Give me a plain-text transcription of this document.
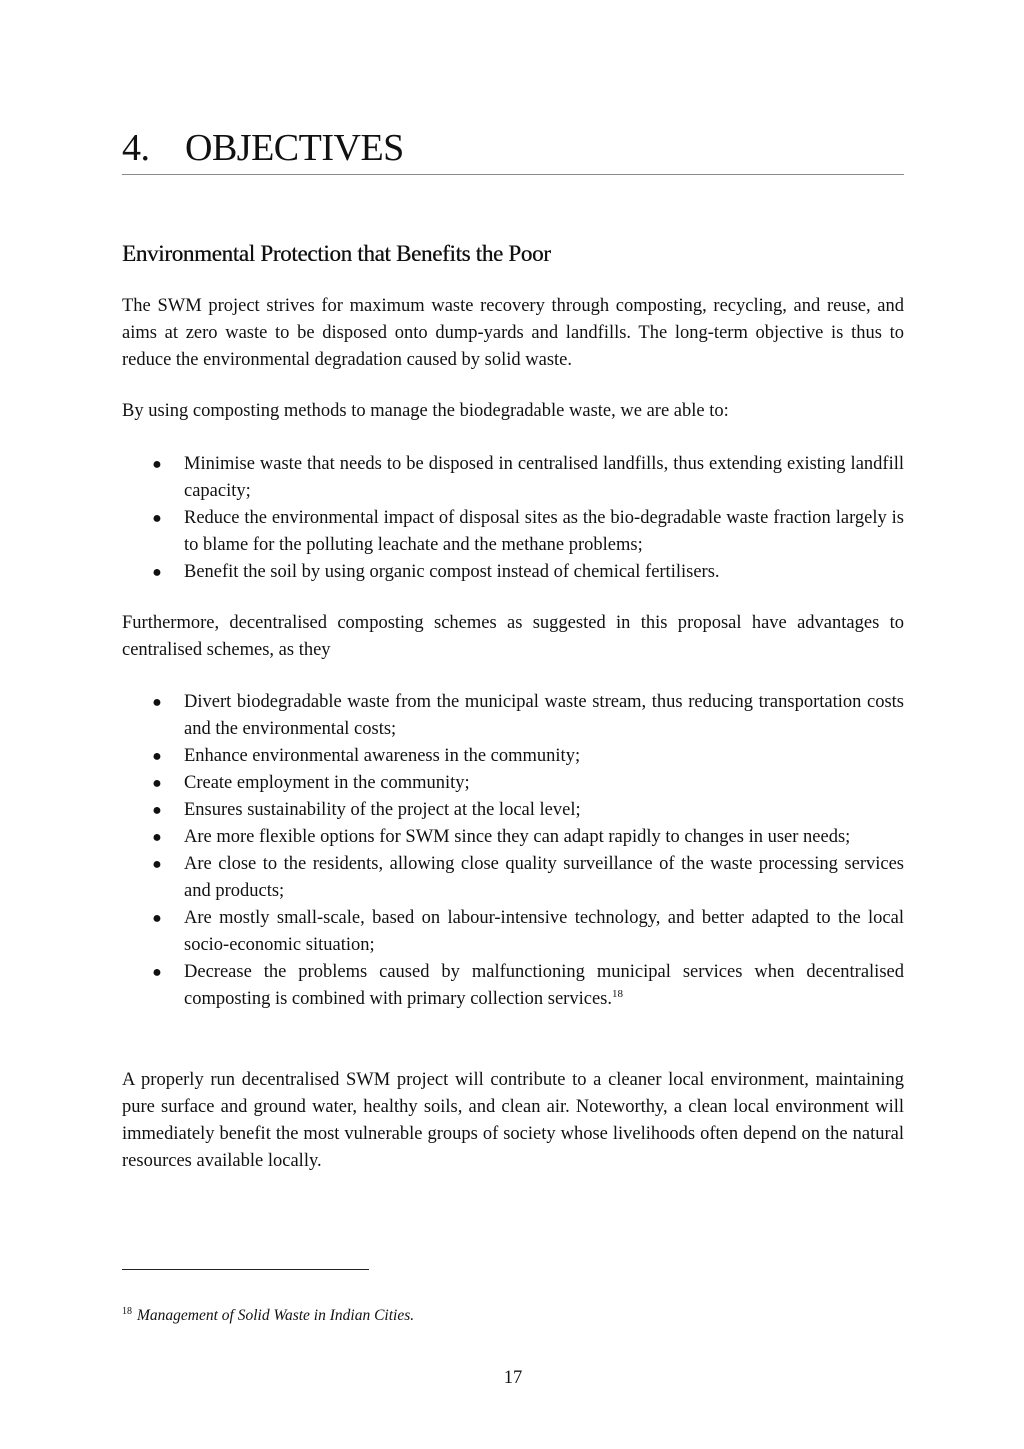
4. OBJECTIVES
Environmental Protection that Benefits the Poor

The SWM project strives for maximum waste recovery through composting, recycling, and reuse, and aims at zero waste to be disposed onto dump-yards and landfills. The long-term objective is thus to reduce the environmental degradation caused by solid waste.

By using composting methods to manage the biodegradable waste, we are able to:

● Minimise waste that needs to be disposed in centralised landfills, thus extending existing landfill capacity;
● Reduce the environmental impact of disposal sites as the bio-degradable waste fraction largely is to blame for the polluting leachate and the methane problems;
● Benefit the soil by using organic compost instead of chemical fertilisers.

Furthermore, decentralised composting schemes as suggested in this proposal have advantages to centralised schemes, as they

● Divert biodegradable waste from the municipal waste stream, thus reducing transportation costs and the environmental costs;
● Enhance environmental awareness in the community;
● Create employment in the community;
● Ensures sustainability of the project at the local level;
● Are more flexible options for SWM since they can adapt rapidly to changes in user needs;
● Are close to the residents, allowing close quality surveillance of the waste processing services and products;
● Are mostly small-scale, based on labour-intensive technology, and better adapted to the local socio-economic situation;
● Decrease the problems caused by malfunctioning municipal services when decentralised composting is combined with primary collection services.$^{18}$

A properly run decentralised SWM project will contribute to a cleaner local environment, maintaining pure surface and ground water, healthy soils, and clean air. Noteworthy, a clean local environment will immediately benefit the most vulnerable groups of society whose livelihoods often depend on the natural resources available locally.

$^{18}$ Management of Solid Waste in Indian Cities.

17
